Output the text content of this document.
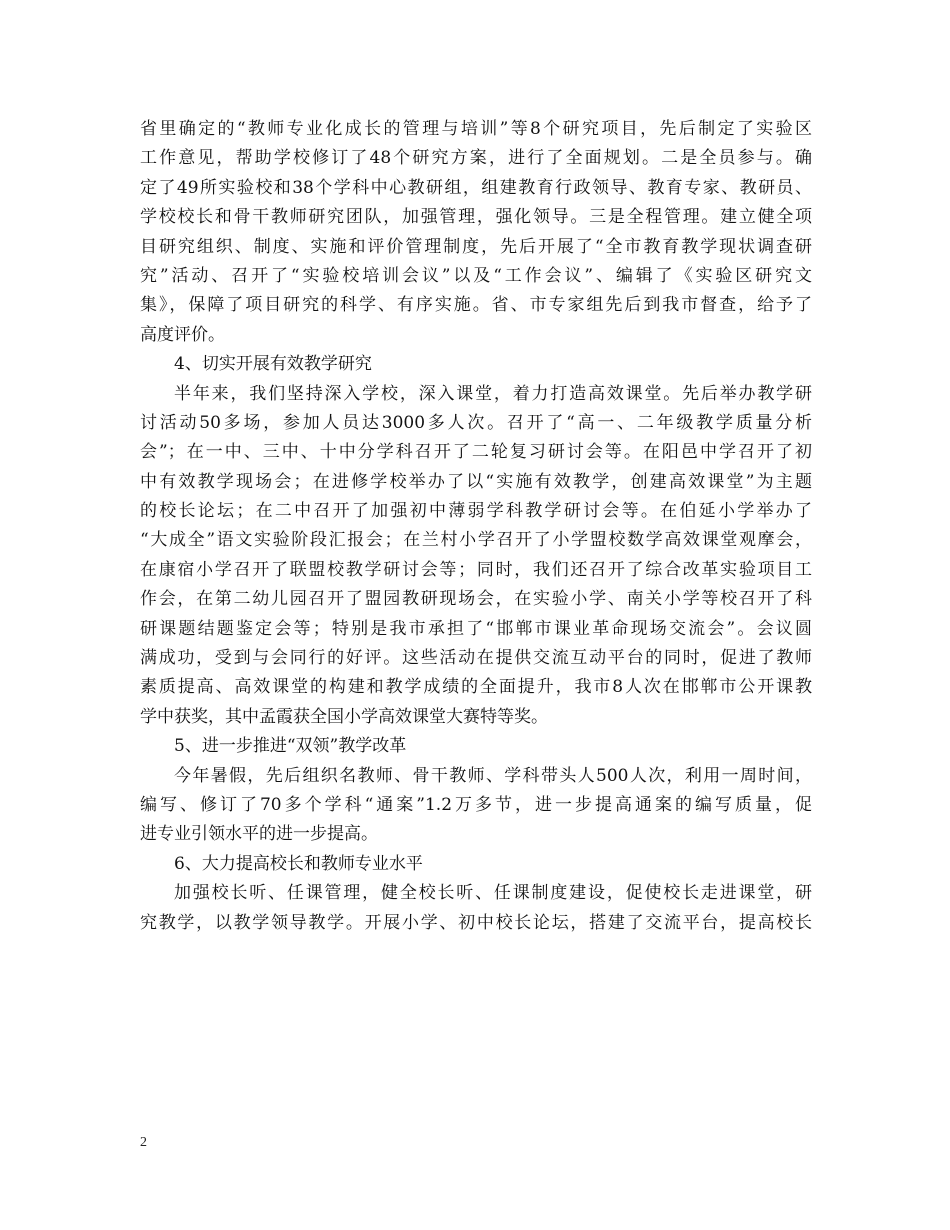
省里确定的“教师专业化成长的管理与培训”等8个研究项目，先后制定了实验区
工作意见，帮助学校修订了48个研究方案，进行了全面规划。二是全员参与。确
定了49所实验校和38个学科中心教研组，组建教育行政领导、教育专家、教研员、
学校校长和骨干教师研究团队，加强管理，强化领导。三是全程管理。建立健全项
目研究组织、制度、实施和评价管理制度，先后开展了“全市教育教学现状调查研
究”活动、召开了“实验校培训会议”以及“工作会议”、编辑了《实验区研究文
集》，保障了项目研究的科学、有序实施。省、市专家组先后到我市督查，给予了
高度评价。
4、切实开展有效教学研究
半年来，我们坚持深入学校，深入课堂，着力打造高效课堂。先后举办教学研
讨活动50多场，参加人员达3000多人次。召开了“高一、二年级教学质量分析
会”；在一中、三中、十中分学科召开了二轮复习研讨会等。在阳邑中学召开了初
中有效教学现场会；在进修学校举办了以“实施有效教学，创建高效课堂”为主题
的校长论坛；在二中召开了加强初中薄弱学科教学研讨会等。在伯延小学举办了
“大成全”语文实验阶段汇报会；在兰村小学召开了小学盟校数学高效课堂观摩会，
在康宿小学召开了联盟校教学研讨会等；同时，我们还召开了综合改革实验项目工
作会，在第二幼儿园召开了盟园教研现场会，在实验小学、南关小学等校召开了科
研课题结题鉴定会等；特别是我市承担了“邯郸市课业革命现场交流会”。会议圆
满成功，受到与会同行的好评。这些活动在提供交流互动平台的同时，促进了教师
素质提高、高效课堂的构建和教学成绩的全面提升，我市8人次在邯郸市公开课教
学中获奖，其中孟霞获全国小学高效课堂大赛特等奖。
5、进一步推进“双领”教学改革
今年暑假，先后组织名教师、骨干教师、学科带头人500人次，利用一周时间，
编写、修订了70多个学科“通案”1.2万多节，进一步提高通案的编写质量，促
进专业引领水平的进一步提高。
6、大力提高校长和教师专业水平
加强校长听、任课管理，健全校长听、任课制度建设，促使校长走进课堂，研
究教学，以教学领导教学。开展小学、初中校长论坛，搭建了交流平台，提高校长
2
